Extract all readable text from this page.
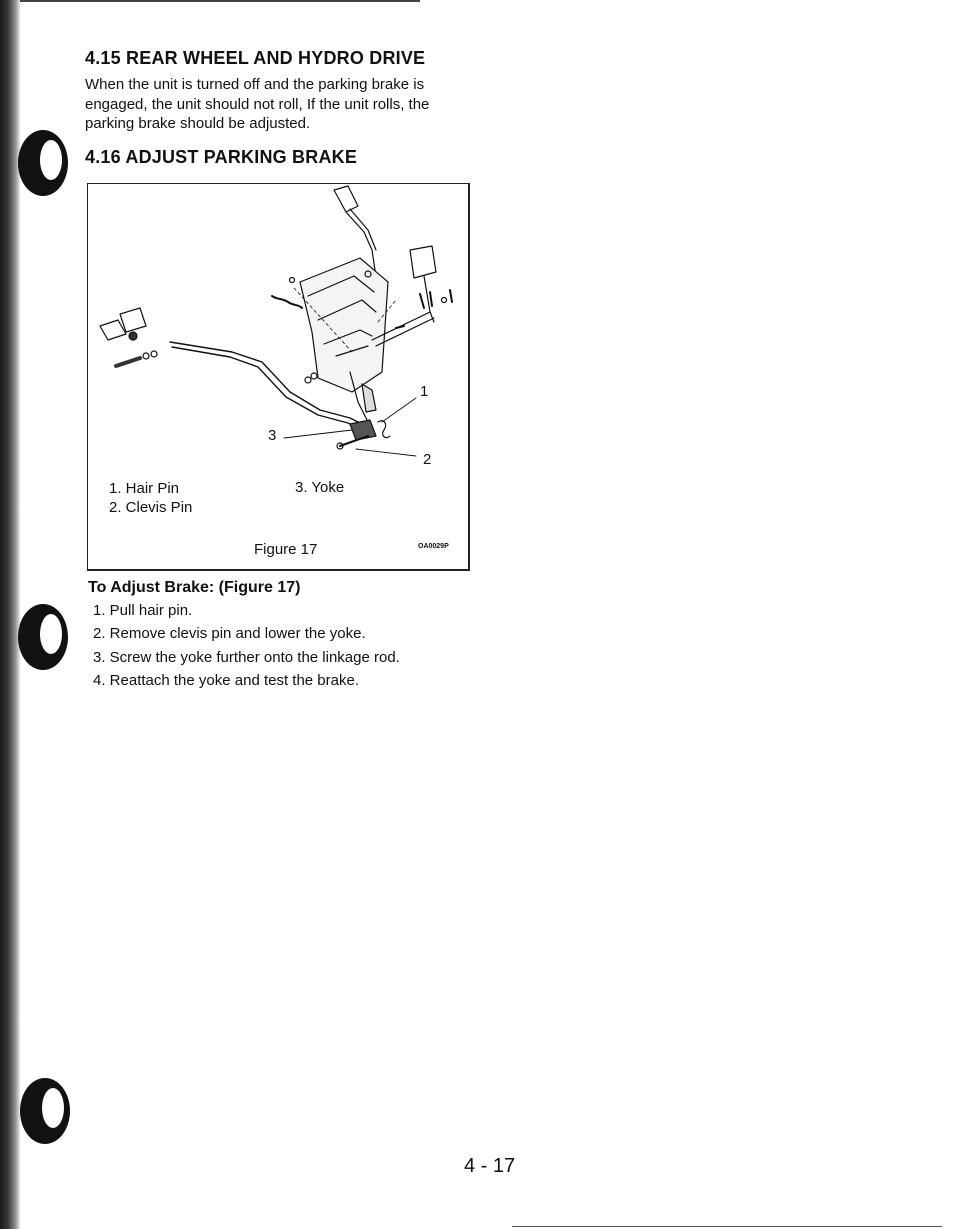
4.15 REAR WHEEL AND HYDRO DRIVE
When the unit is turned off and the parking brake is
engaged, the unit should not roll, If the unit rolls, the
parking brake should be adjusted.
4.16 ADJUST PARKING BRAKE
1
2
3
1. Hair Pin
2. Clevis Pin
3. Yoke
Figure 17	OA0029P
To Adjust Brake: (Figure 17)
1. Pull hair pin.
2. Remove clevis pin and lower the yoke.
3. Screw the yoke further onto the linkage rod.
4. Reattach the yoke and test the brake.
4 - 17
